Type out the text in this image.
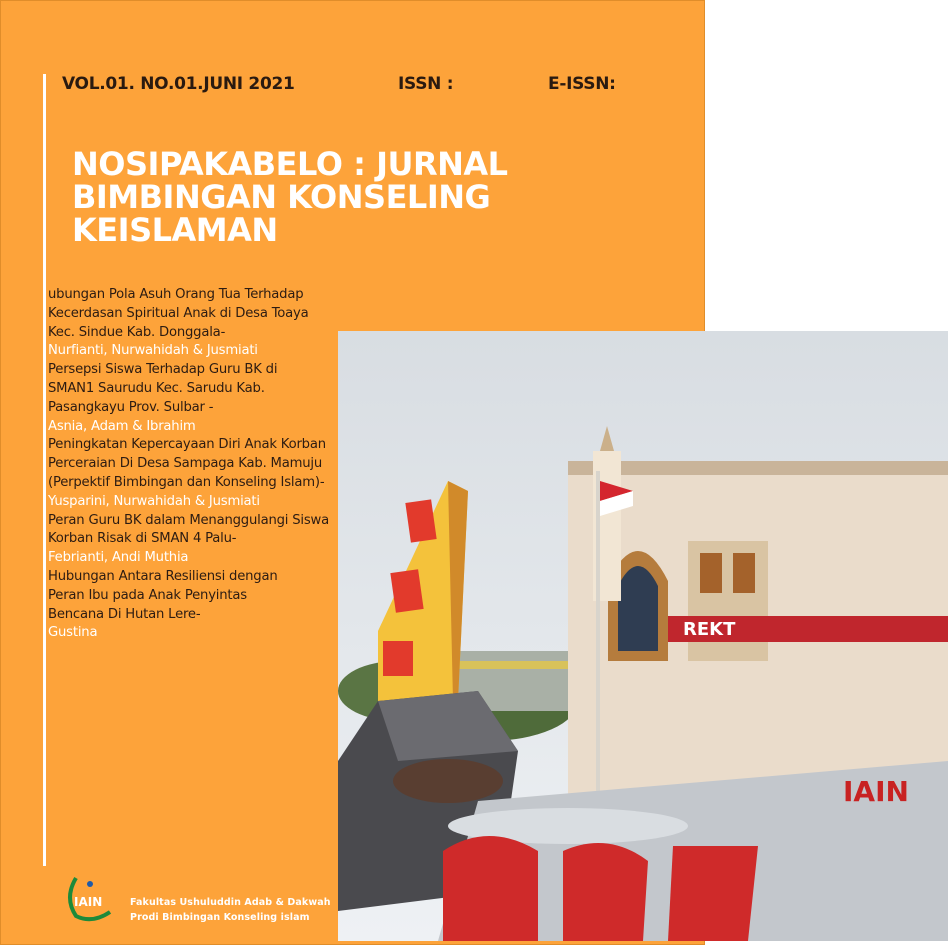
VOL.01. NO.01.JUNI 2021	ISSN :	E-ISSN:
NOSIPAKABELO : JURNAL
BIMBINGAN KONSELING
KEISLAMAN
REKT
IAIN
ubungan Pola Asuh Orang Tua Terhadap
Kecerdasan Spiritual Anak di Desa Toaya
Kec. Sindue Kab. Donggala-
Nurfianti, Nurwahidah & Jusmiati
Persepsi Siswa Terhadap Guru BK di
SMAN1 Saurudu Kec. Sarudu Kab.
Pasangkayu Prov. Sulbar -
Asnia, Adam & Ibrahim
Peningkatan Kepercayaan Diri Anak Korban
Perceraian Di Desa Sampaga Kab. Mamuju
(Perpektif Bimbingan dan Konseling Islam)-
Yusparini, Nurwahidah & Jusmiati
Peran Guru BK dalam Menanggulangi Siswa
Korban Risak di SMAN 4 Palu-
Febrianti, Andi Muthia
Hubungan Antara Resiliensi dengan
Peran Ibu pada Anak Penyintas
Bencana Di Hutan Lere-
Gustina
IAIN	Fakultas Ushuluddin Adab & Dakwah
Prodi Bimbingan Konseling islam
